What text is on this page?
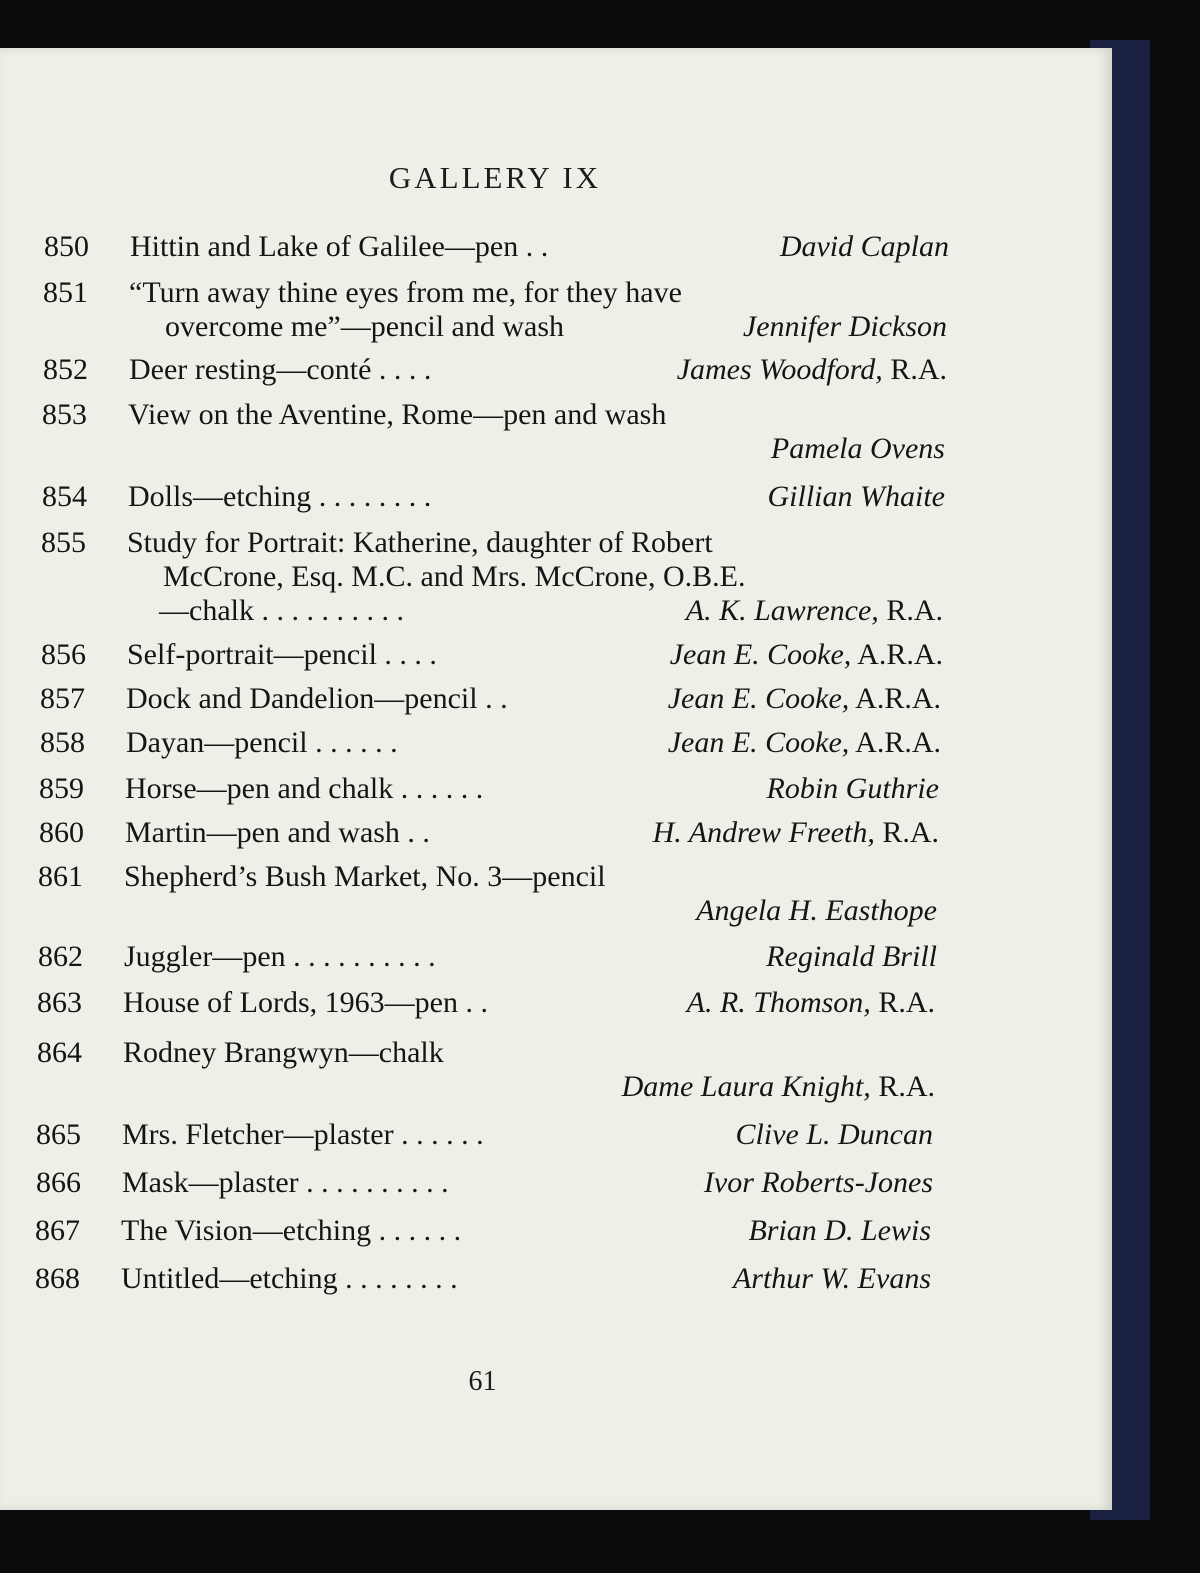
GALLERY IX
850 Hittin and Lake of Galilee—pen . .	David Caplan
851 “Turn away thine eyes from me, for they have
overcome me”—pencil and wash	Jennifer Dickson
852 Deer resting—conté . . . .	James Woodford, R.A.
853 View on the Aventine, Rome—pen and wash
Pamela Ovens
854 Dolls—etching . . . . . . . .	Gillian Whaite
855 Study for Portrait: Katherine, daughter of Robert
McCrone, Esq. M.C. and Mrs. McCrone, O.B.E.
—chalk . . . . . . . . . .	A. K. Lawrence, R.A.
856 Self-portrait—pencil . . . .	Jean E. Cooke, A.R.A.
857 Dock and Dandelion—pencil . .	Jean E. Cooke, A.R.A.
858 Dayan—pencil . . . . . .	Jean E. Cooke, A.R.A.
859 Horse—pen and chalk . . . . . .	Robin Guthrie
860 Martin—pen and wash . .	H. Andrew Freeth, R.A.
861 Shepherd’s Bush Market, No. 3—pencil
Angela H. Easthope
862 Juggler—pen . . . . . . . . . .	Reginald Brill
863 House of Lords, 1963—pen . .	A. R. Thomson, R.A.
864 Rodney Brangwyn—chalk
Dame Laura Knight, R.A.
865 Mrs. Fletcher—plaster . . . . . .	Clive L. Duncan
866 Mask—plaster . . . . . . . . . .	Ivor Roberts-Jones
867 The Vision—etching . . . . . .	Brian D. Lewis
868 Untitled—etching . . . . . . . .	Arthur W. Evans
61
